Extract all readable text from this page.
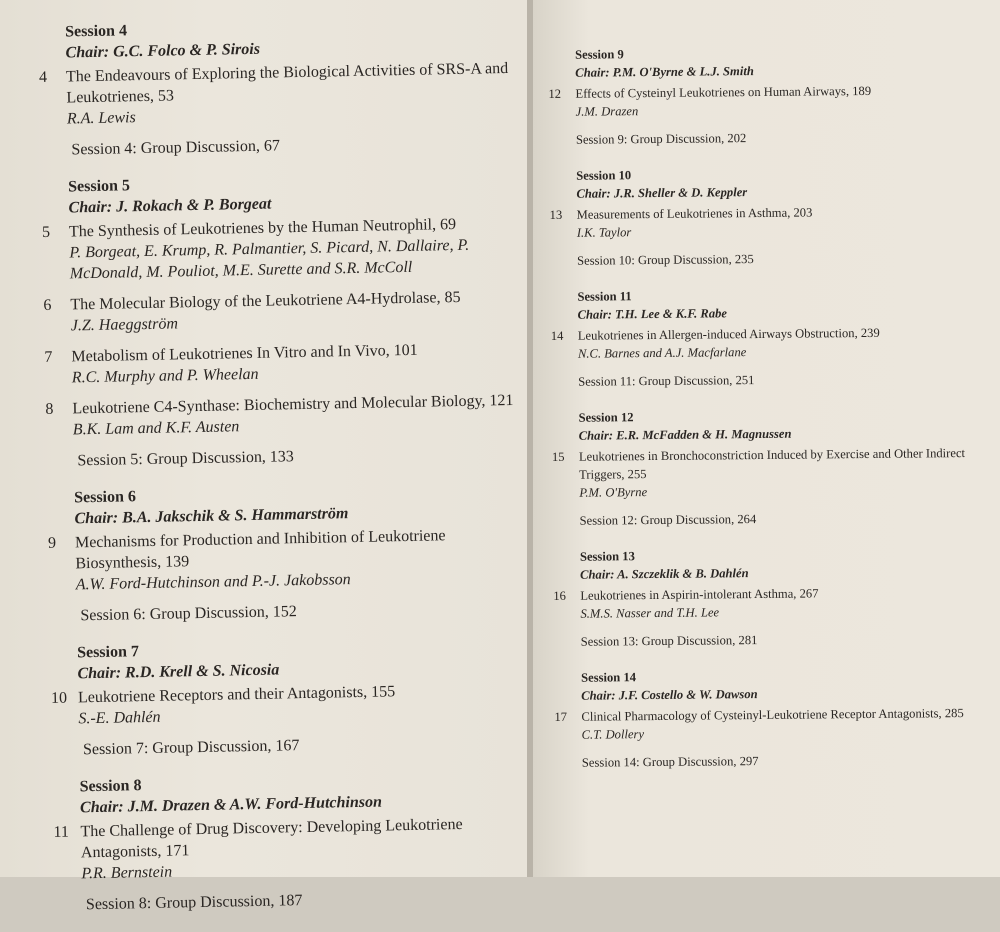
Session 4
Chair: G.C. Folco & P. Sirois
4	The Endeavours of Exploring the Biological Activities of SRS-A and Leukotrienes, 53
R.A. Lewis
Session 4: Group Discussion, 67
Session 5
Chair: J. Rokach & P. Borgeat
5	The Synthesis of Leukotrienes by the Human Neutrophil, 69
P. Borgeat, E. Krump, R. Palmantier, S. Picard, N. Dallaire, P. McDonald, M. Pouliot, M.E. Surette and S.R. McColl
6	The Molecular Biology of the Leukotriene A4-Hydrolase, 85
J.Z. Haeggström
7	Metabolism of Leukotrienes In Vitro and In Vivo, 101
R.C. Murphy and P. Wheelan
8	Leukotriene C4-Synthase: Biochemistry and Molecular Biology, 121
B.K. Lam and K.F. Austen
Session 5: Group Discussion, 133
Session 6
Chair: B.A. Jakschik & S. Hammarström
9	Mechanisms for Production and Inhibition of Leukotriene Biosynthesis, 139
A.W. Ford-Hutchinson and P.-J. Jakobsson
Session 6: Group Discussion, 152
Session 7
Chair: R.D. Krell & S. Nicosia
10 Leukotriene Receptors and their Antagonists, 155
S.-E. Dahlén
Session 7: Group Discussion, 167
Session 8
Chair: J.M. Drazen & A.W. Ford-Hutchinson
11 The Challenge of Drug Discovery: Developing Leukotriene Antagonists, 171
P.R. Bernstein
Session 8: Group Discussion, 187
Session 9
Chair: P.M. O'Byrne & L.J. Smith
12	Effects of Cysteinyl Leukotrienes on Human Airways, 189
J.M. Drazen
Session 9: Group Discussion, 202
Session 10
Chair: J.R. Sheller & D. Keppler
13	Measurements of Leukotrienes in Asthma, 203
I.K. Taylor
Session 10: Group Discussion, 235
Session 11
Chair: T.H. Lee & K.F. Rabe
14	Leukotrienes in Allergen-induced Airways Obstruction, 239
N.C. Barnes and A.J. Macfarlane
Session 11: Group Discussion, 251
Session 12
Chair: E.R. McFadden & H. Magnussen
15	Leukotrienes in Bronchoconstriction Induced by Exercise and Other Indirect Triggers, 255
P.M. O'Byrne
Session 12: Group Discussion, 264
Session 13
Chair: A. Szczeklik & B. Dahlén
16	Leukotrienes in Aspirin-intolerant Asthma, 267
S.M.S. Nasser and T.H. Lee
Session 13: Group Discussion, 281
Session 14
Chair: J.F. Costello & W. Dawson
17	Clinical Pharmacology of Cysteinyl-Leukotriene Receptor Antagonists, 285
C.T. Dollery
Session 14: Group Discussion, 297
